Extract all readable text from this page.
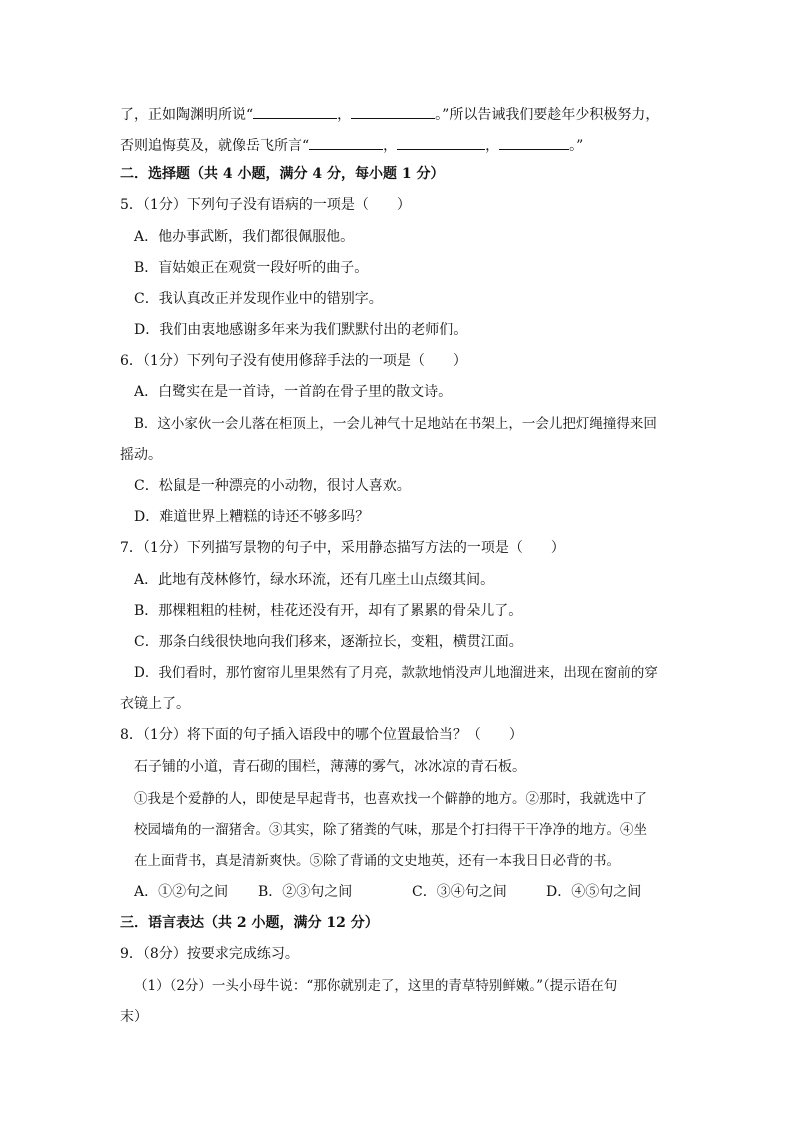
了，正如陶渊明所说“	，	。”所以告诫我们要趁年少积极努力，
否则追悔莫及，就像岳飞所言“	，	，	。”
二．选择题（共 4 小题，满分 4 分，每小题 1 分）
5．（1分）下列句子没有语病的一项是（　　）
A．他办事武断，我们都很佩服他。
B．盲姑娘正在观赏一段好听的曲子。
C．我认真改正并发现作业中的错别字。
D．我们由衷地感谢多年来为我们默默付出的老师们。
6．（1分）下列句子没有使用修辞手法的一项是（　　）
A．白鹭实在是一首诗，一首韵在骨子里的散文诗。
B．这小家伙一会儿落在柜顶上，一会儿神气十足地站在书架上，一会儿把灯绳撞得来回
摇动。
C．松鼠是一种漂亮的小动物，很讨人喜欢。
D．难道世界上糟糕的诗还不够多吗？
7．（1分）下列描写景物的句子中，采用静态描写方法的一项是（　　）
A．此地有茂林修竹，绿水环流，还有几座土山点缀其间。
B．那棵粗粗的桂树，桂花还没有开，却有了累累的骨朵儿了。
C．那条白线很快地向我们移来，逐渐拉长，变粗，横贯江面。
D．我们看时，那竹窗帘儿里果然有了月亮，款款地悄没声儿地溜进来，出现在窗前的穿
衣镜上了。
8．（1分）将下面的句子插入语段中的哪个位置最恰当？（　　）
石子铺的小道，青石砌的围栏，薄薄的雾气，冰冰凉的青石板。
①我是个爱静的人，即使是早起背书，也喜欢找一个僻静的地方。②那时，我就选中了
校园墙角的一溜猪舍。③其实，除了猪粪的气味，那是个打扫得干干净净的地方。④坐
在上面背书，真是清新爽快。⑤除了背诵的文史地英，还有一本我日日必背的书。
A．①②句之间 B．②③句之间	C．③④句之间	D．④⑤句之间
三．语言表达（共 2 小题，满分 12 分）
9．（8分）按要求完成练习。
（1）（2分）一头小母牛说：“那你就别走了，这里的青草特别鲜嫩。”（提示语在句
末）
